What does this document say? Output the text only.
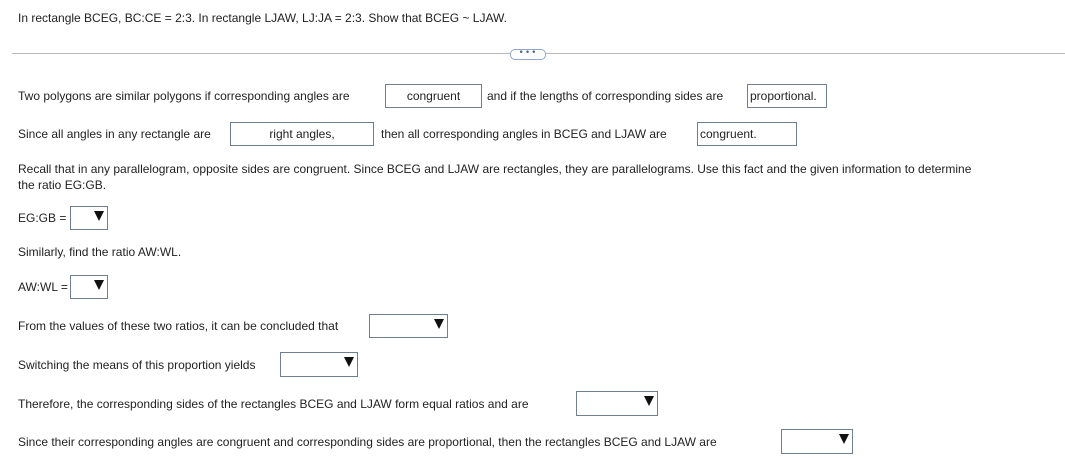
In rectangle BCEG, BC:CE = 2:3. In rectangle LJAW, LJ:JA = 2:3. Show that BCEG ~ LJAW.
•••
Two polygons are similar polygons if corresponding angles are	congruent	and if the lengths of corresponding sides are proportional.
Since all angles in any rectangle are	right angles,	then all corresponding angles in BCEG and LJAW are	congruent.
Recall that in any parallelogram, opposite sides are congruent. Since BCEG and LJAW are rectangles, they are parallelograms. Use this fact and the given information to determine
the ratio EG:GB.
EG:GB =
Similarly, find the ratio AW:WL.
AW:WL =
From the values of these two ratios, it can be concluded that
Switching the means of this proportion yields
Therefore, the corresponding sides of the rectangles BCEG and LJAW form equal ratios and are
Since their corresponding angles are congruent and corresponding sides are proportional, then the rectangles BCEG and LJAW are
